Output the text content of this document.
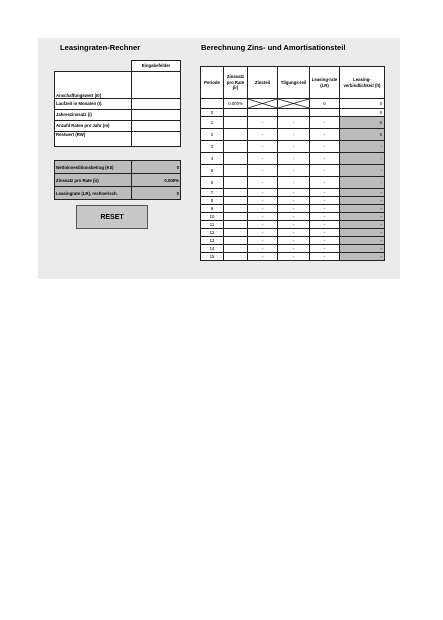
Leasingraten-Rechner	Berechnung Zins- und Amortisationsteil
	Eingabefelder
Anschaffungswert (I0)	
Laufzeit in Monaten (t)	
Jahreszinssatz (i)	
Anzahl Raten pro Jahr (m)	
Restwert (RW)	
Nettoinvestitionsbetrag (K0)	0
Zinssatz pro Rate (ir)	0.000%
Leasingrate (LR), rechnerisch.	0
RESET
Periode	Zinssatz pro Rate (ir)	Zinsteil	Tilgungs-teil	Leasing-rate (LR)	Leasing-verbindlichkeit (lt)
	0.000%			0	0
0					0
1		-	-	-	0
2		-	-	-	0
3		-	-	-	-
4		-	-	-	-
5		-	-	-	-
6		-	-	-	-
7		-	-	-	-
8		-	-	-	-
9		-	-	-	-
10		-	-	-	-
11		-	-	-	-
12		-	-	-	-
13		-	-	-	-
14		-	-	-	-
15		-	-	-	-
